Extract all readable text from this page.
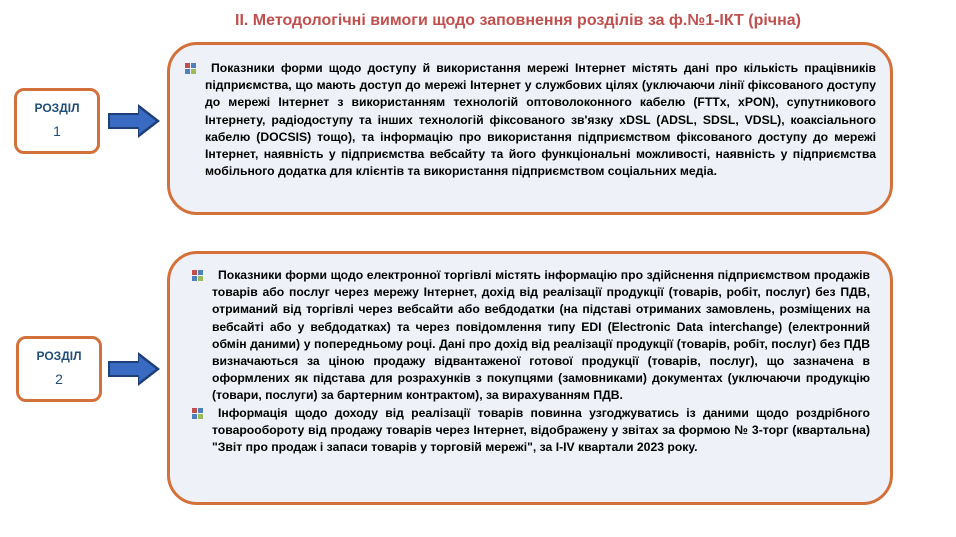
ІІ. Методологічні вимоги щодо заповнення розділів за ф.№1-ІКТ (річна)
РОЗДІЛ
1

Показники форми щодо доступу й використання мережі Інтернет містять дані про кількість працівників підприємства, що мають доступ до мережі Інтернет у службових цілях (уключаючи лінії фіксованого доступу до мережі Інтернет з використанням технологій оптоволоконного кабелю (FTTx, xPON), супутникового Інтернету, радіодоступу та інших технологій фіксованого зв'язку xDSL (ADSL, SDSL, VDSL), коаксіального кабелю (DOCSIS) тощо), та інформацію про використання підприємством фіксованого доступу до мережі Інтернет, наявність у підприємства вебсайту та його функціональні можливості, наявність у підприємства мобільного додатка для клієнтів та використання підприємством соціальних медіа.

РОЗДІЛ
2

Показники форми щодо електронної торгівлі містять інформацію про здійснення підприємством продажів товарів або послуг через мережу Інтернет, дохід від реалізації продукції (товарів, робіт, послуг) без ПДВ, отриманий від торгівлі через вебсайти або вебдодатки (на підставі отриманих замовлень, розміщених на вебсайті або у вебдодатках) та через повідомлення типу EDI (Electronic Data interchange) (електронний обмін даними) у попередньому році. Дані про дохід від реалізації продукції (товарів, робіт, послуг) без ПДВ визначаються за ціною продажу відвантаженої готової продукції (товарів, послуг), що зазначена в оформлених як підстава для розрахунків з покупцями (замовниками) документах (уключаючи продукцію (товари, послуги) за бартерним контрактом), за вирахуванням ПДВ.

Інформація щодо доходу від реалізації товарів повинна узгоджуватись із даними щодо роздрібного товарообороту від продажу товарів через Інтернет, відображену у звітах за формою № 3-торг (квартальна) "Звіт про продаж і запаси товарів у торговій мережі", за І-IV квартали 2023 року.
